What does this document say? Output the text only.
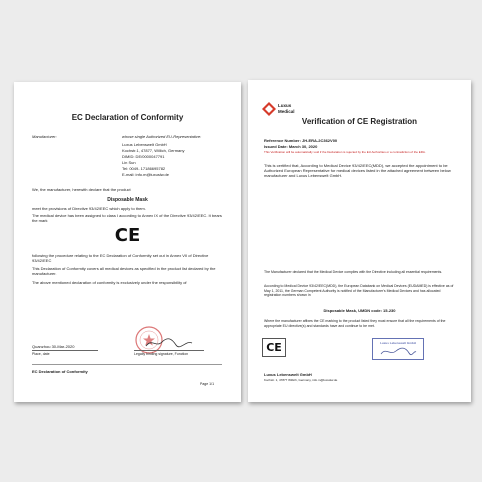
EC Declaration of Conformity
Manufacturer:	whose single Authorized EU-Representative:
Luxus Lebenswelt GmbH
Kochstr.1, 47877, Willich, Germany
DIMID: DE/0000047791
Lin Sun
Tel: 0049- 17186695782
E-mail: info.m@luxuslw.de
We, the manufacturer, herewith declare that the product
Disposable Mask
meet the provisions of Directive 93/42/EEC which apply to them.
The medical device has been assigned to class I according to Annex IX of the Directive 93/42/EEC. It bears the mark
CE
following the procedure relating to the EC Declaration of Conformity set out in Annex VII of Directive 93/42/EEC
This Declaration of Conformity covers all medical devices as specified in the product list declared by the manufacturer.
The above mentioned declaration of conformity is exclusively under the responsibility of
Quanzhou 30-Mar-2020
Place, date	Legally binding signature, Function
EC Declaration of Conformity
Page 1/1
Luxus
Medical
Verification of CE Registration
Reference Number: JH-ERA-2C362V00
Issued Date: March 30, 2020
This Verification will be automatically void if the Declaration is rejected by the EU Authorities or a contradiction of the ERA.
This is certified that, According to Medical Device 93/42/EEC(MDD), we accepted the appointment to be Authorized European Representative for medical devices listed in the attached agreement between below manufacturer and Luxus Lebenswelt GmbH.
The Manufacturer declared that the Medical Device complies with the Directive including all essential requirements.
According to Medical Device 93/42/EEC(MDD), the European Databank on Medical Devices (EUDAMED) is effective as of May 1, 2011, the German Competent Authority is notified of the Manufacturer's Medical Devices and has allocated registration numbers shown in
Disposable Mask, UMDN code: 15-230
Where the manufacturer affixes the CE marking to the product listed they must ensure that all the requirements of the appropriate EU directive(s) and standards have and continue to be met.
CE	Luxus Lebenswelt GmbH
Luxus Lebenswelt GmbH
Kochstr. 1, 47877 Willich, Germany, info.m@luxuslw.de
